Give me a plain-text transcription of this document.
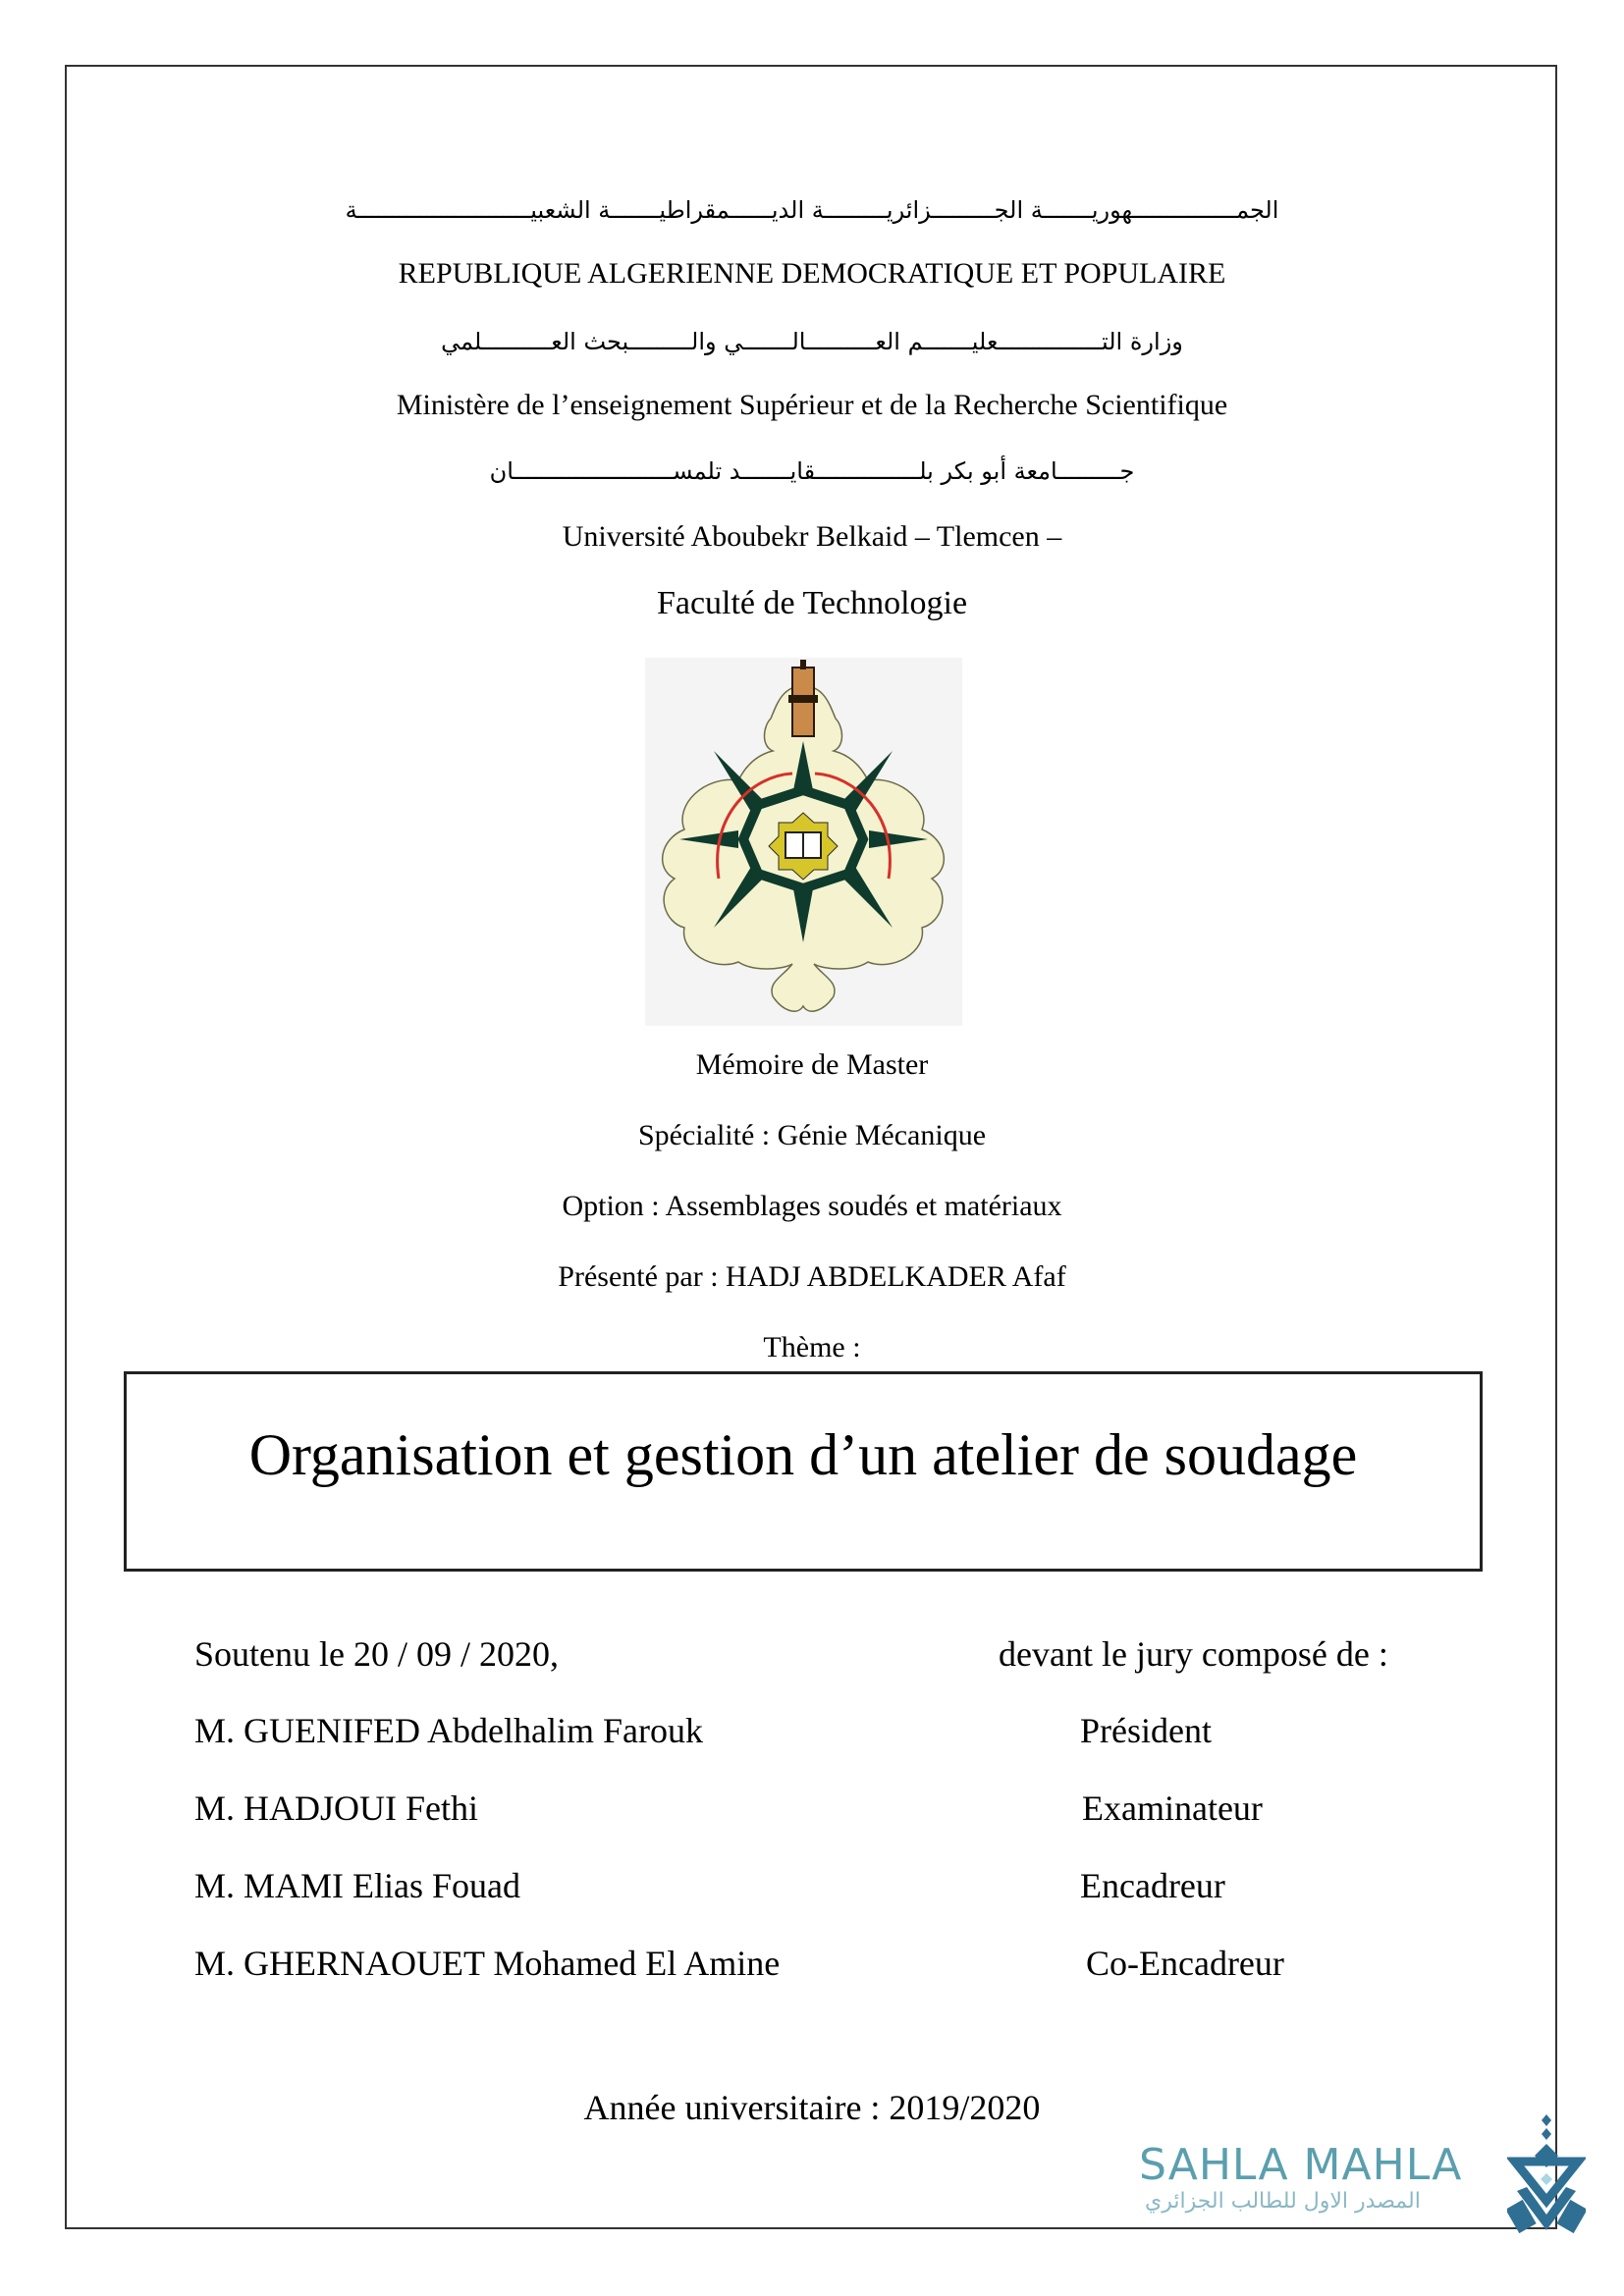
الجمـــــــــــــــهوريـــــــة الجـــــــــزائريـــــــــة الديــــــمقراطيـــــــة الشعبيـــــــــــــــــــــــــة
REPUBLIQUE ALGERIENNE DEMOCRATIQUE ET POPULAIRE
وزارة التـــــــــــــــعليـــــــم العــــــــــالـــــــي والـــــــــبحث العــــــــــلمي
Ministère de l’enseignement Supérieur et de la Recherche Scientifique
جـــــــــامعة أبو بكر بلـــــــــــــــقايـــــــد تلمســـــــــــــــــــــــان
Université Aboubekr Belkaid – Tlemcen –
Faculté de Technologie
Mémoire de Master
Spécialité : Génie Mécanique
Option : Assemblages soudés et matériaux
Présenté par : HADJ ABDELKADER Afaf
Thème :
Organisation et gestion d’un atelier de soudage
Soutenu le 20 / 09 / 2020,	devant le jury composé de :
M. GUENIFED Abdelhalim Farouk	Président
M. HADJOUI Fethi	Examinateur
M. MAMI Elias Fouad	Encadreur
M. GHERNAOUET Mohamed El Amine	Co-Encadreur
Année universitaire : 2019/2020
SAHLA MAHLA
المصدر الاول للطالب الجزائري
